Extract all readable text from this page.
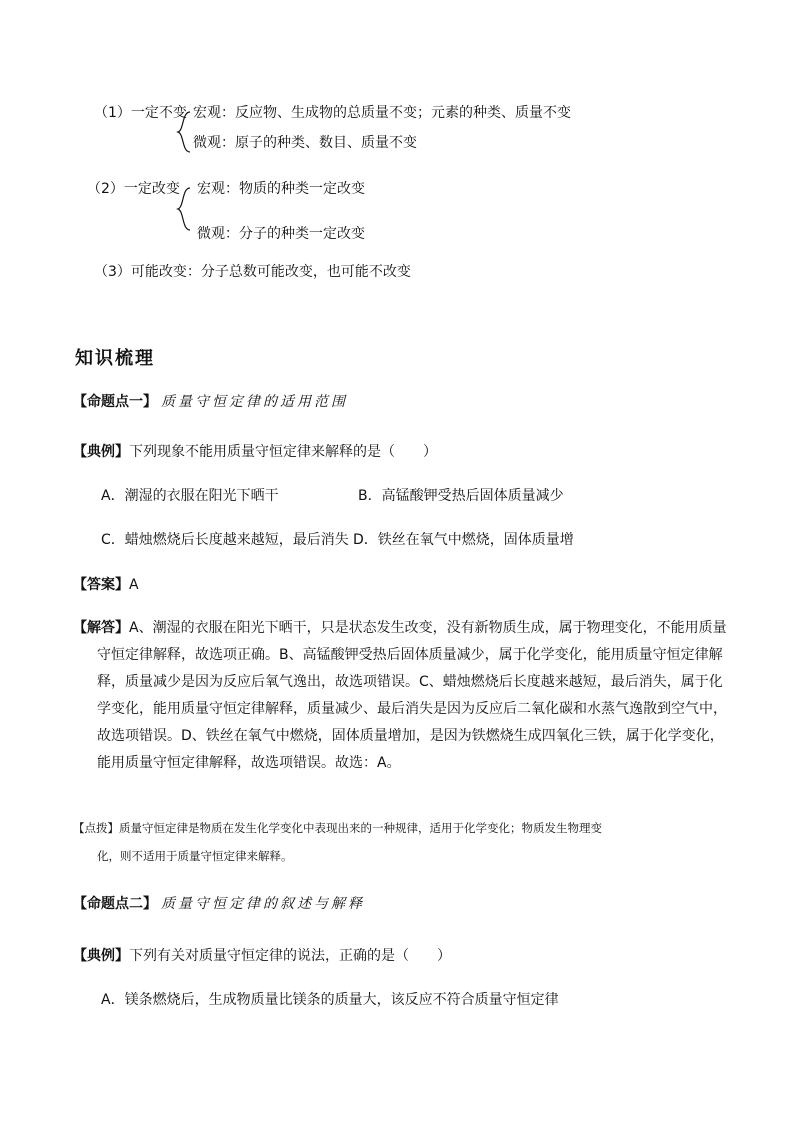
（1）一定不变 宏观：反应物、生成物的总质量不变；元素的种类、质量不变
微观：原子的种类、数目、质量不变
（2）一定改变 宏观：物质的种类一定改变
微观：分子的种类一定改变
（3）可能改变：分子总数可能改变，也可能不改变
知识梳理
【命题点一】 质量守恒定律的适用范围
【典例】下列现象不能用质量守恒定律来解释的是（　　）
A．潮湿的衣服在阳光下晒干	B．高锰酸钾受热后固体质量减少
C．蜡烛燃烧后长度越来越短，最后消失 D．铁丝在氧气中燃烧，固体质量增
【答案】A
【解答】A、潮湿的衣服在阳光下晒干，只是状态发生改变，没有新物质生成，属于物理变化，不能用质量
守恒定律解释，故选项正确。B、高锰酸钾受热后固体质量减少，属于化学变化，能用质量守恒定律解
释，质量减少是因为反应后氧气逸出，故选项错误。C、蜡烛燃烧后长度越来越短，最后消失，属于化
学变化，能用质量守恒定律解释，质量减少、最后消失是因为反应后二氧化碳和水蒸气逸散到空气中，
故选项错误。D、铁丝在氧气中燃烧，固体质量增加，是因为铁燃烧生成四氧化三铁，属于化学变化，
能用质量守恒定律解释，故选项错误。故选：A。
【点拨】质量守恒定律是物质在发生化学变化中表现出来的一种规律，适用于化学变化；物质发生物理变
化，则不适用于质量守恒定律来解释。
【命题点二】 质量守恒定律的叙述与解释
【典例】下列有关对质量守恒定律的说法，正确的是（　　）
A．镁条燃烧后，生成物质量比镁条的质量大，该反应不符合质量守恒定律
